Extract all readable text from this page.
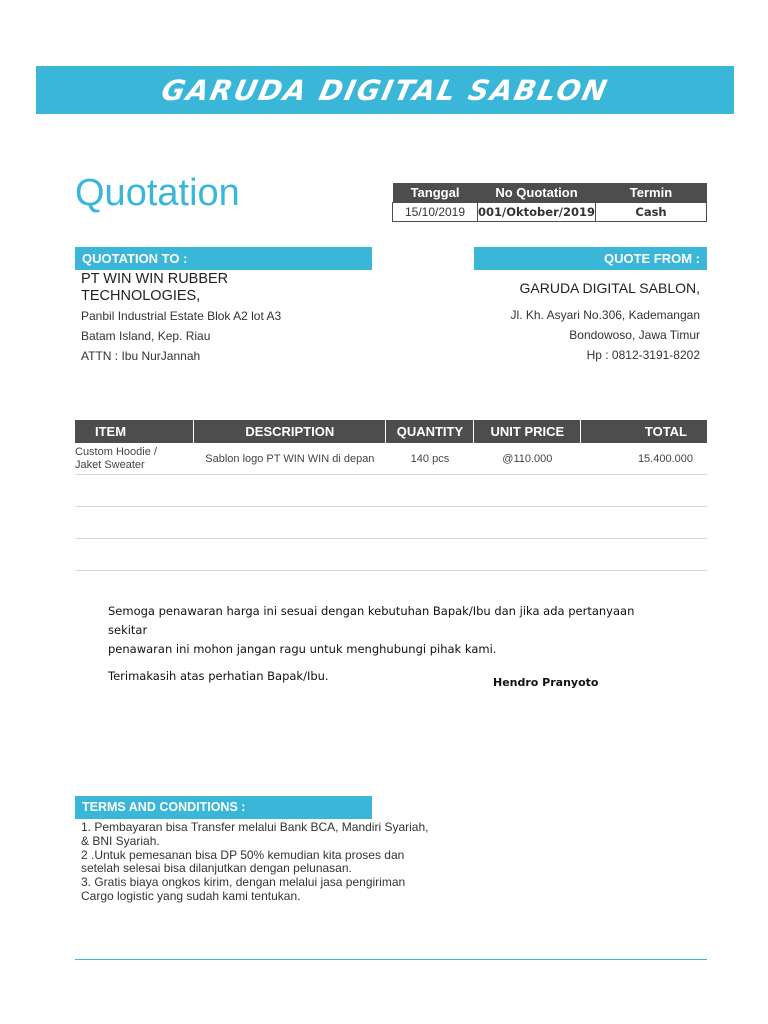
GARUDA DIGITAL SABLON
Quotation	Tanggal	No Quotation	Termin
15/10/2019	001/Oktober/2019	Cash
QUOTATION TO :	QUOTE FROM :
PT WIN WIN RUBBER
TECHNOLOGIES,
Panbil Industrial Estate Blok A2 lot A3
Batam Island, Kep. Riau
ATTN : Ibu NurJannah
GARUDA DIGITAL SABLON,
Jl. Kh. Asyari No.306, Kademangan
Bondowoso, Jawa Timur
Hp : 0812-3191-8202
ITEM	DESCRIPTION	QUANTITY	UNIT PRICE	TOTAL

Custom Hoodie /
Jaket Sweater	Sablon logo PT WIN WIN di depan	140 pcs	@110.000	15.400.000

Semoga penawaran harga ini sesuai dengan kebutuhan Bapak/Ibu dan jika ada pertanyaan sekitar

penawaran ini mohon jangan ragu untuk menghubungi pihak kami.

Terimakasih atas perhatian Bapak/Ibu.	Hendro Pranyoto
TERMS AND CONDITIONS :
1. Pembayaran bisa Transfer melalui Bank BCA, Mandiri Syariah,
& BNI Syariah.
2 .Untuk pemesanan bisa DP 50% kemudian kita proses dan
setelah selesai bisa dilanjutkan dengan pelunasan.
3. Gratis biaya ongkos kirim, dengan melalui jasa pengiriman
Cargo logistic yang sudah kami tentukan.
